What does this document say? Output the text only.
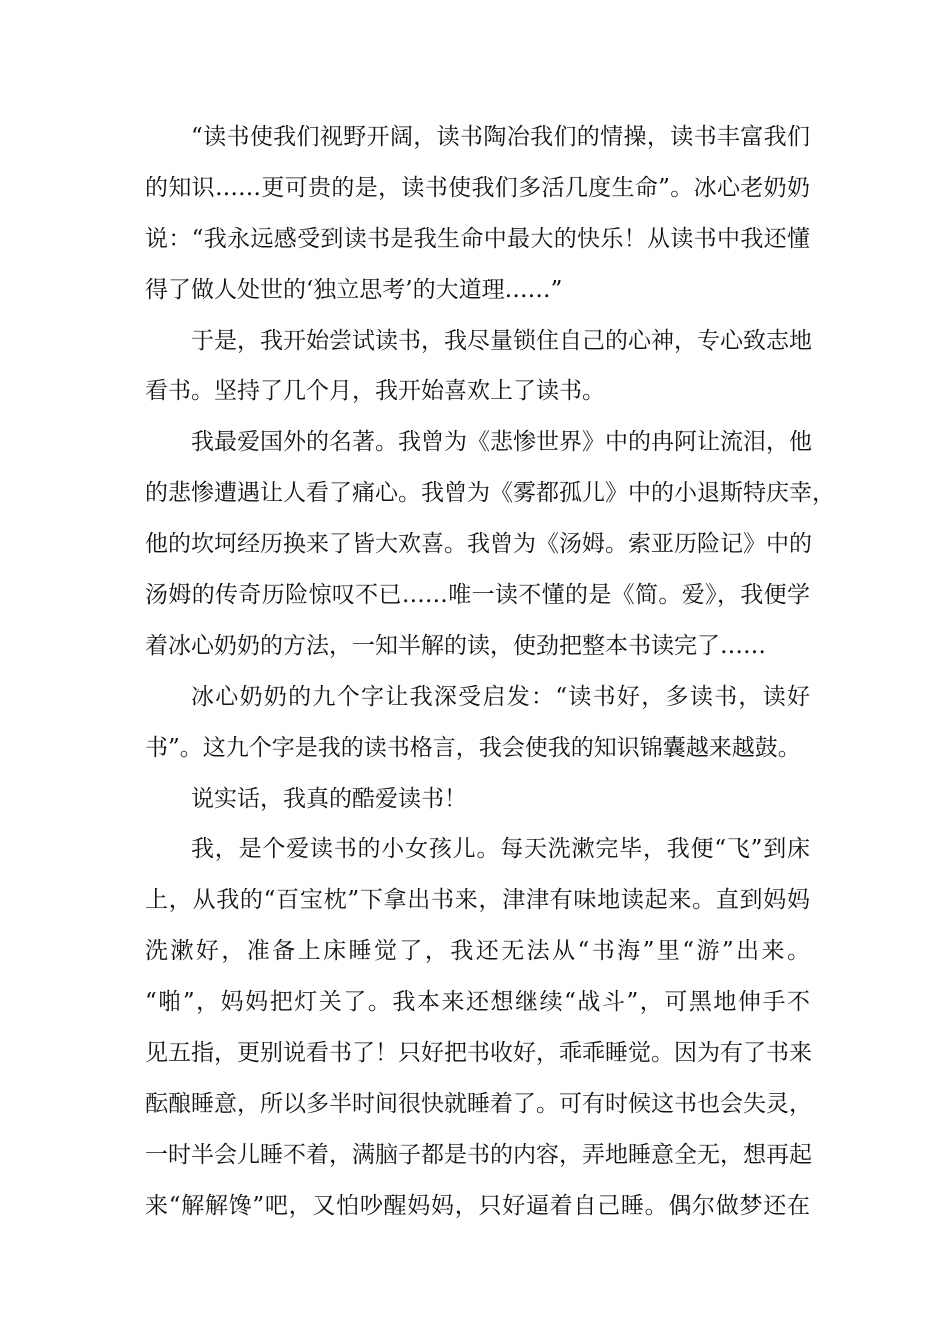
“读书使我们视野开阔，读书陶冶我们的情操，读书丰富我们
的知识……更可贵的是，读书使我们多活几度生命”。冰心老奶奶
说：“我永远感受到读书是我生命中最大的快乐！从读书中我还懂
得了做人处世的‘独立思考’的大道理……”
于是，我开始尝试读书，我尽量锁住自己的心神，专心致志地
看书。坚持了几个月，我开始喜欢上了读书。
我最爱国外的名著。我曾为《悲惨世界》中的冉阿让流泪，他
的悲惨遭遇让人看了痛心。我曾为《雾都孤儿》中的小退斯特庆幸，
他的坎坷经历换来了皆大欢喜。我曾为《汤姆。索亚历险记》中的
汤姆的传奇历险惊叹不已……唯一读不懂的是《简。爱》，我便学
着冰心奶奶的方法，一知半解的读，使劲把整本书读完了……
冰心奶奶的九个字让我深受启发：“读书好，多读书，读好
书”。这九个字是我的读书格言，我会使我的知识锦囊越来越鼓。
说实话，我真的酷爱读书！
我，是个爱读书的小女孩儿。每天洗漱完毕，我便“飞”到床
上，从我的“百宝枕”下拿出书来，津津有味地读起来。直到妈妈
洗漱好，准备上床睡觉了，我还无法从“书海”里“游”出来。
“啪”，妈妈把灯关了。我本来还想继续“战斗”，可黑地伸手不
见五指，更别说看书了！只好把书收好，乖乖睡觉。因为有了书来
酝酿睡意，所以多半时间很快就睡着了。可有时候这书也会失灵，
一时半会儿睡不着，满脑子都是书的内容，弄地睡意全无，想再起
来“解解馋”吧，又怕吵醒妈妈，只好逼着自己睡。偶尔做梦还在
